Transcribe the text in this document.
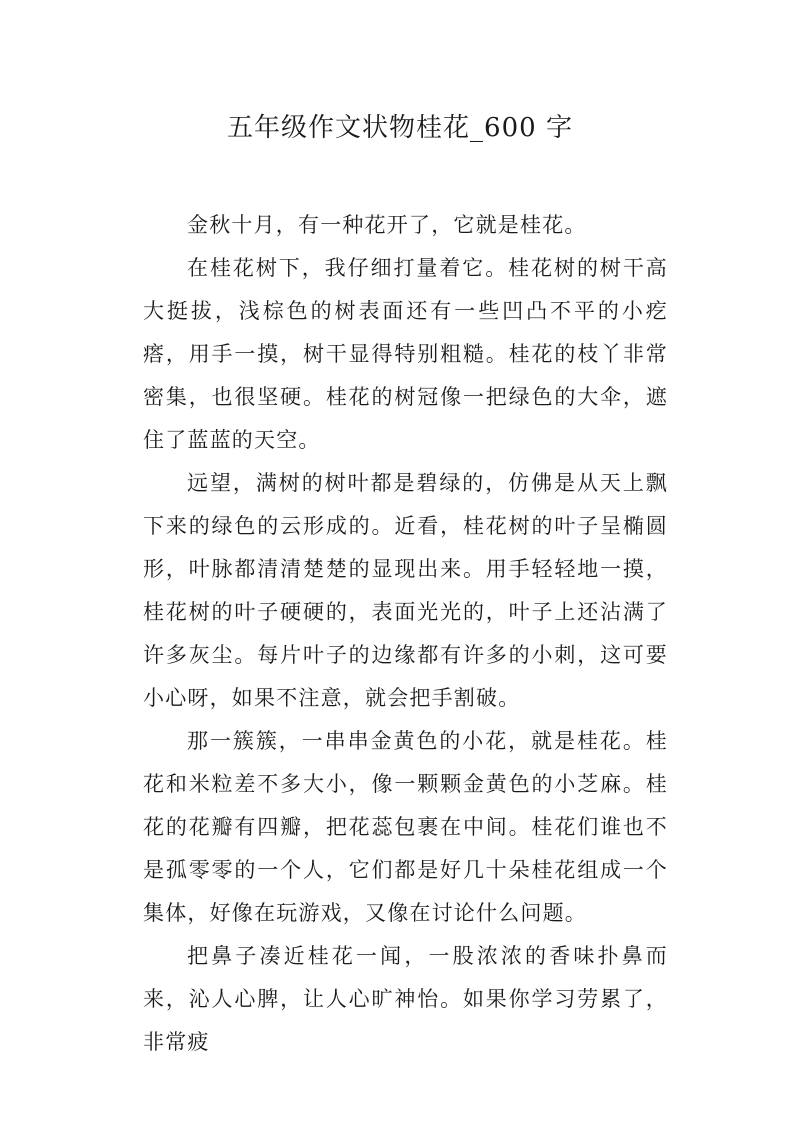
五年级作文状物桂花_600 字

金秋十月，有一种花开了，它就是桂花。

在桂花树下，我仔细打量着它。桂花树的树干高大挺拔，浅棕色的树表面还有一些凹凸不平的小疙瘩，用手一摸，树干显得特别粗糙。桂花的枝丫非常密集，也很坚硬。桂花的树冠像一把绿色的大伞，遮住了蓝蓝的天空。

远望，满树的树叶都是碧绿的，仿佛是从天上飘下来的绿色的云形成的。近看，桂花树的叶子呈椭圆形，叶脉都清清楚楚的显现出来。用手轻轻地一摸，桂花树的叶子硬硬的，表面光光的，叶子上还沾满了许多灰尘。每片叶子的边缘都有许多的小刺，这可要小心呀，如果不注意，就会把手割破。

那一簇簇，一串串金黄色的小花，就是桂花。桂花和米粒差不多大小，像一颗颗金黄色的小芝麻。桂花的花瓣有四瓣，把花蕊包裹在中间。桂花们谁也不是孤零零的一个人，它们都是好几十朵桂花组成一个集体，好像在玩游戏，又像在讨论什么问题。

把鼻子凑近桂花一闻，一股浓浓的香味扑鼻而来，沁人心脾，让人心旷神怡。如果你学习劳累了，非常疲
